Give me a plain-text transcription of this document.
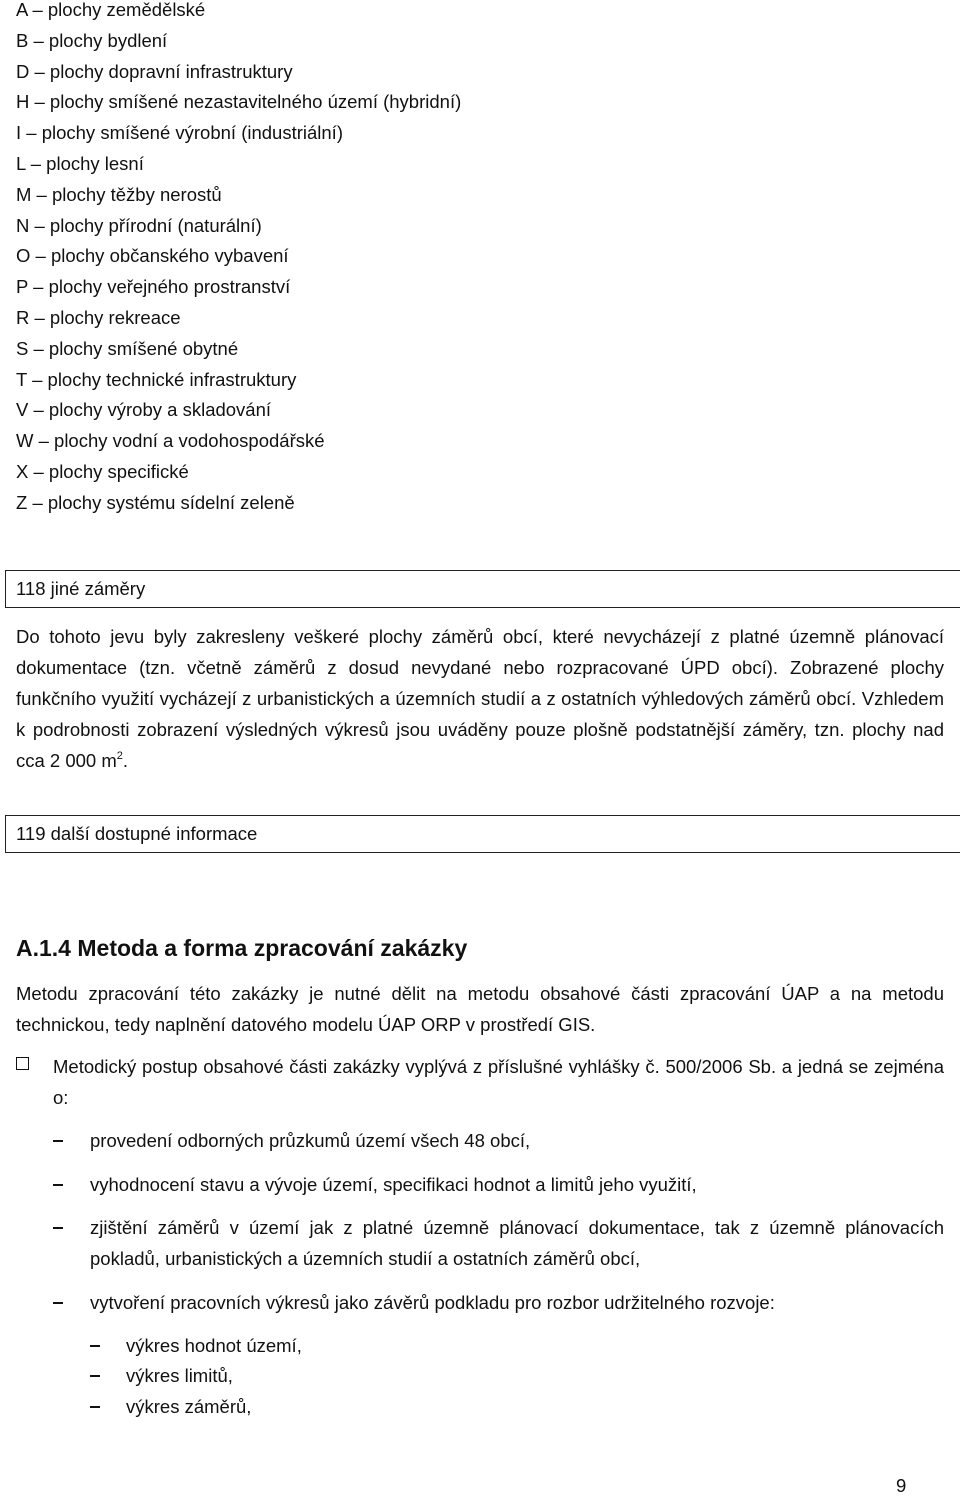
A – plochy zemědělské
B – plochy bydlení
D – plochy dopravní infrastruktury
H – plochy smíšené nezastavitelného území (hybridní)
I – plochy smíšené výrobní (industriální)
L – plochy lesní
M – plochy těžby nerostů
N – plochy přírodní (naturální)
O – plochy občanského vybavení
P – plochy veřejného prostranství
R – plochy rekreace
S – plochy smíšené obytné
T – plochy technické infrastruktury
V – plochy výroby a skladování
W – plochy vodní a vodohospodářské
X – plochy specifické
Z – plochy systému sídelní zeleně
118 jiné záměry

Do tohoto jevu byly zakresleny veškeré plochy záměrů obcí, které nevycházejí z platné územně plánovací dokumentace (tzn. včetně záměrů z dosud nevydané nebo rozpracované ÚPD obcí). Zobrazené plochy funkčního využití vycházejí z urbanistických a územních studií a z ostatních výhledových záměrů obcí. Vzhledem k podrobnosti zobrazení výsledných výkresů jsou uváděny pouze plošně podstatnější záměry, tzn. plochy nad cca 2 000 $m^2$.

119 další dostupné informace
A.1.4 Metoda a forma zpracování zakázky

Metodu zpracování této zakázky je nutné dělit na metodu obsahové části zpracování ÚAP a na metodu technickou, tedy naplnění datového modelu ÚAP ORP v prostředí GIS.

Metodický postup obsahové části zakázky vyplývá z příslušné vyhlášky č. 500/2006 Sb. a jedná se zejména o:

provedení odborných průzkumů území všech 48 obcí,

vyhodnocení stavu a vývoje území, specifikaci hodnot a limitů jeho využití,

zjištění záměrů v území jak z platné územně plánovací dokumentace, tak z územně plánovacích pokladů, urbanistických a územních studií a ostatních záměrů obcí,

vytvoření pracovních výkresů jako závěrů podkladu pro rozbor udržitelného rozvoje:

výkres hodnot území,

výkres limitů,

výkres záměrů,

9
